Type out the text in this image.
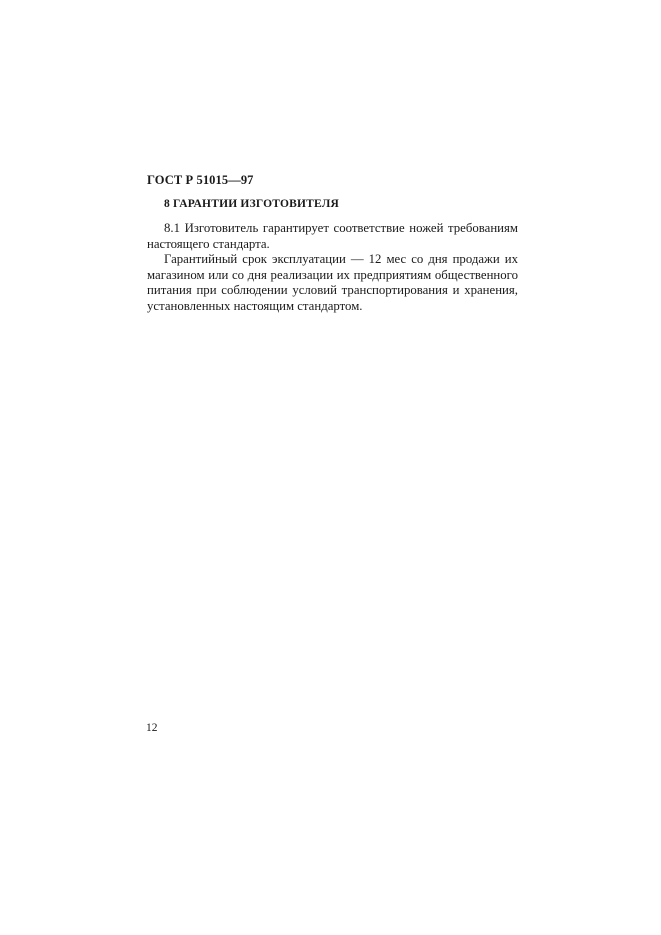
ГОСТ Р 51015—97
8 ГАРАНТИИ ИЗГОТОВИТЕЛЯ

8.1 Изготовитель гарантирует соответствие ножей требованиям настоящего стандарта.

Гарантийный срок эксплуатации — 12 мес со дня продажи их магазином или со дня реализации их предприятиям общественного питания при соблюдении условий транспортирования и хранения, установленных настоящим стандартом.

12
